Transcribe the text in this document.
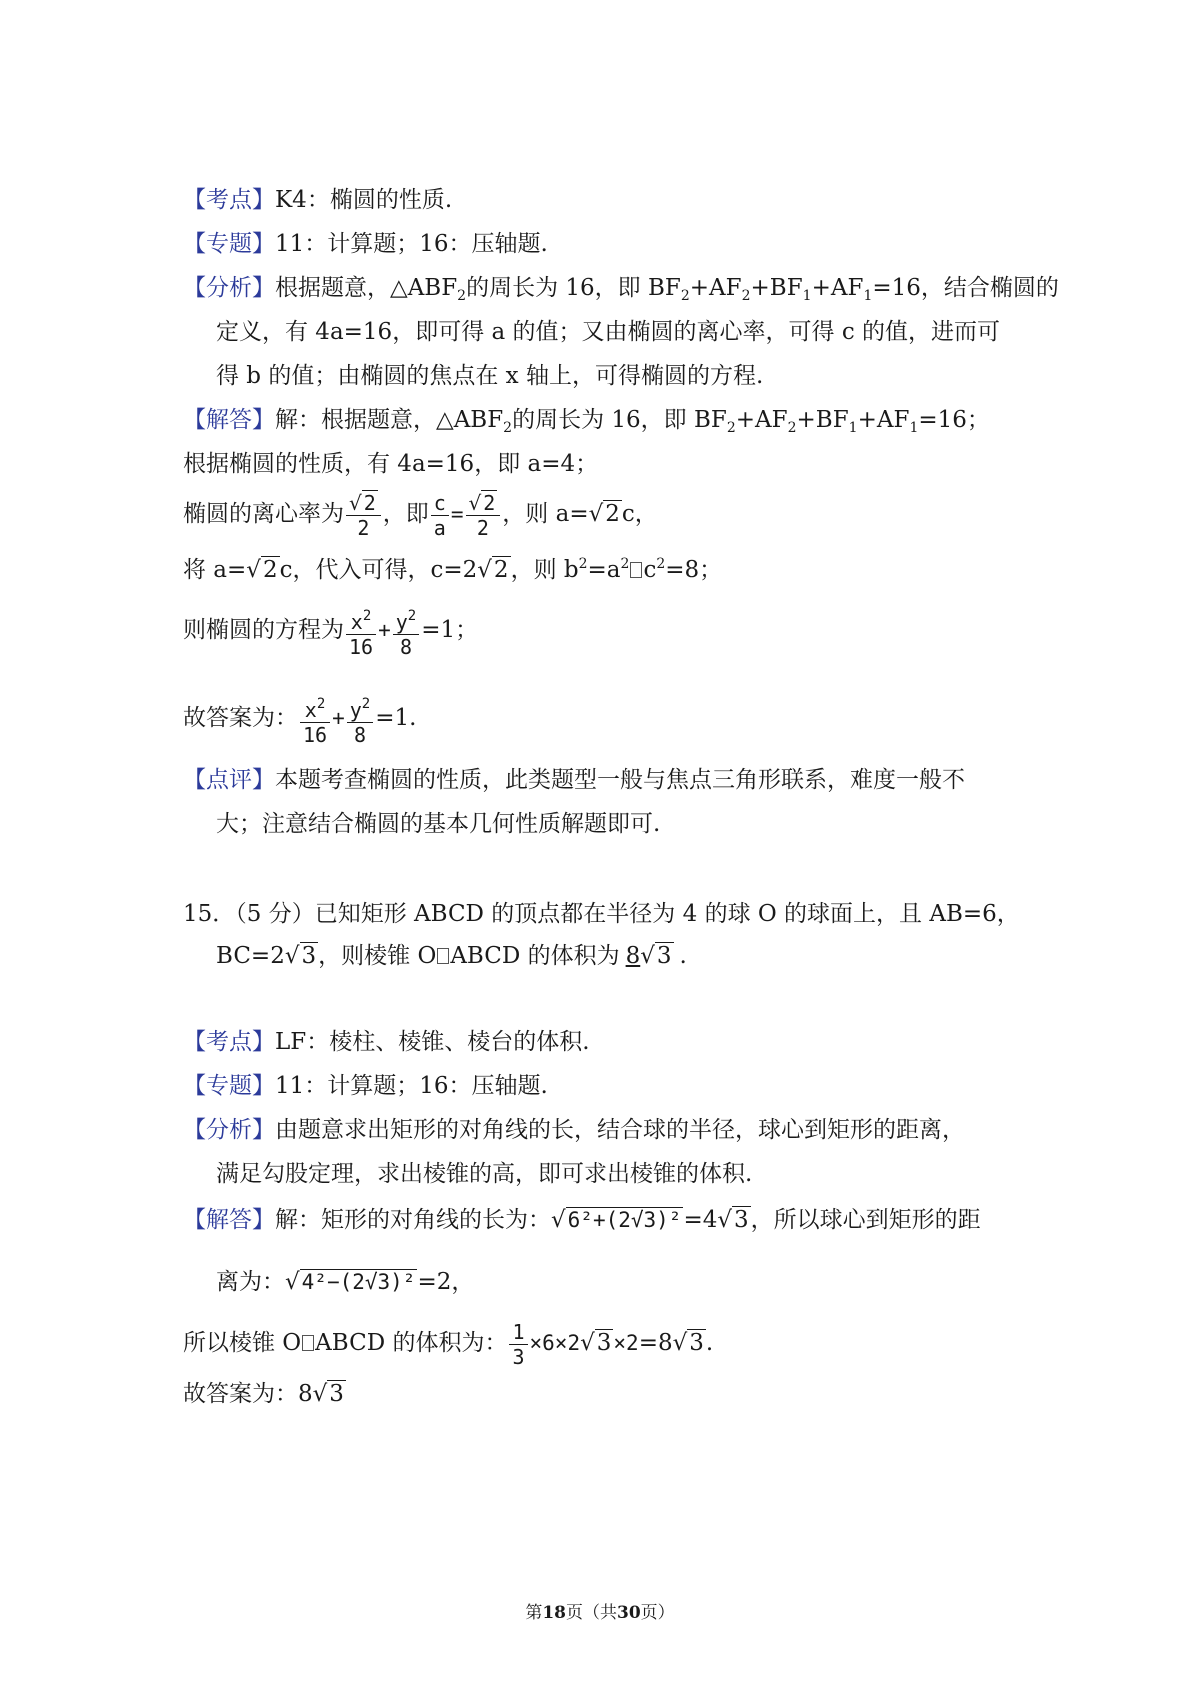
【考点】K4：椭圆的性质.
【专题】11：计算题；16：压轴题.
【分析】根据题意，$\triangle ABF_2$的周长为 16，即 $BF_2+AF_2+BF_1+AF_1=16$，结合椭圆的
定义，有 4a=16，即可得 a 的值；又由椭圆的离心率，可得 c 的值，进而可
得 b 的值；由椭圆的焦点在 x 轴上，可得椭圆的方程.
【解答】解：根据题意，$\triangle ABF_2$的周长为 16，即 $BF_2+AF_2+BF_1+AF_1=16$；
根据椭圆的性质，有 4a=16，即 a=4；
椭圆的离心率为 $\frac{√ 2}{2}$ ，即 $\frac{c}{a} = \frac{√ 2}{2}$ ，则 a=√2c，
将 a=√2c，代入可得，c=2√2，则 $b^2=a^2$ $c^2=8$；
则椭圆的方程为 $\frac{x^2}{16} + \frac{y^2}{8} =1$；
故答案为： $\frac{x^2}{16} + \frac{y^2}{8} =1$.
【点评】本题考查椭圆的性质，此类题型一般与焦点三角形联系，难度一般不
大；注意结合椭圆的基本几何性质解题即可.
15．（5 分）已知矩形 ABCD 的顶点都在半径为 4 的球 O 的球面上，且 AB=6，
BC=2√3，则棱锥 O ABCD 的体积为 8√3 .
【考点】LF：棱柱、棱锥、棱台的体积.
【专题】11：计算题；16：压轴题.
【分析】由题意求出矩形的对角线的长，结合球的半径，球心到矩形的距离，
满足勾股定理，求出棱锥的高，即可求出棱锥的体积.
【解答】解：矩形的对角线的长为：√6²+(2√3)²=4√3，所以球心到矩形的距
离为：√4²−(2√3)²=2，
所以棱锥 O ABCD 的体积为： $\frac{1}{3} \times 6\times 2√3\times 2=8√3$.
故答案为：8√3
第18页（共30页）
